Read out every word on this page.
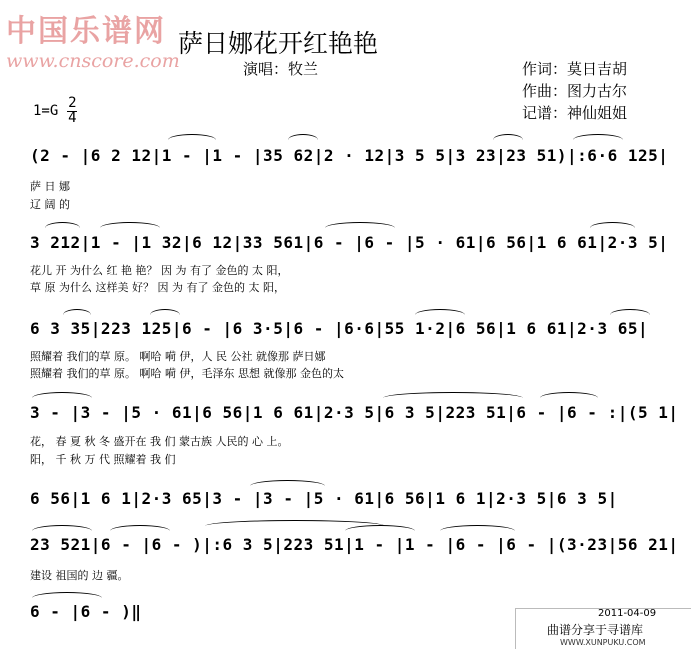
中国乐谱网
www.cnscore.com
萨日娜花开红艳艳
演唱：牧兰	作词：莫日吉胡
作曲：图力古尔
记谱：神仙姐姐
$1=G \frac{2}{4}$
(2 - |6 2 12|1 - |1 - |35 62|2 · 12|3 5 5|3 23|23 51)|:6·6 125|
萨 日 娜
辽 阔 的
3 212|1 - |1 32|6 12|33 561|6 - |6 - |5 · 61|6 56|1 6 61|2·3 5|
花儿 开 为什么 红 艳 艳？ 因 为 有了 金色的 太 阳，
草 原 为什么 这样美 好？ 因 为 有了 金色的 太 阳，
6 3 35|223 125|6 - |6 3·5|6 - |6·6|55 1·2|6 56|1 6 61|2·3 65|
照耀着 我们的草 原。 啊哈 嗬 伊，人 民 公社 就像那 萨日娜
照耀着 我们的草 原。 啊哈 嗬 伊，毛泽东 思想 就像那 金色的太
3 - |3 - |5 · 61|6 56|1 6 61|2·3 5|6 3 5|223 51|6 - |6 - :|(5 1|
花， 春 夏 秋 冬 盛开在 我 们 蒙古族 人民的 心 上。
阳， 千 秋 万 代 照耀着 我 们
6 56|1 6 1|2·3 65|3 - |3 - |5 · 61|6 56|1 6 1|2·3 5|6 3 5|
23 521|6 - |6 - )|:6 3 5|223 51|1 - |1 - |6 - |6 - |(3·23|56 21|
建设 祖国的 边 疆。
6 - |6 - )‖	2011-04-09
曲谱分享于寻谱库
WWW.XUNPUKU.COM
